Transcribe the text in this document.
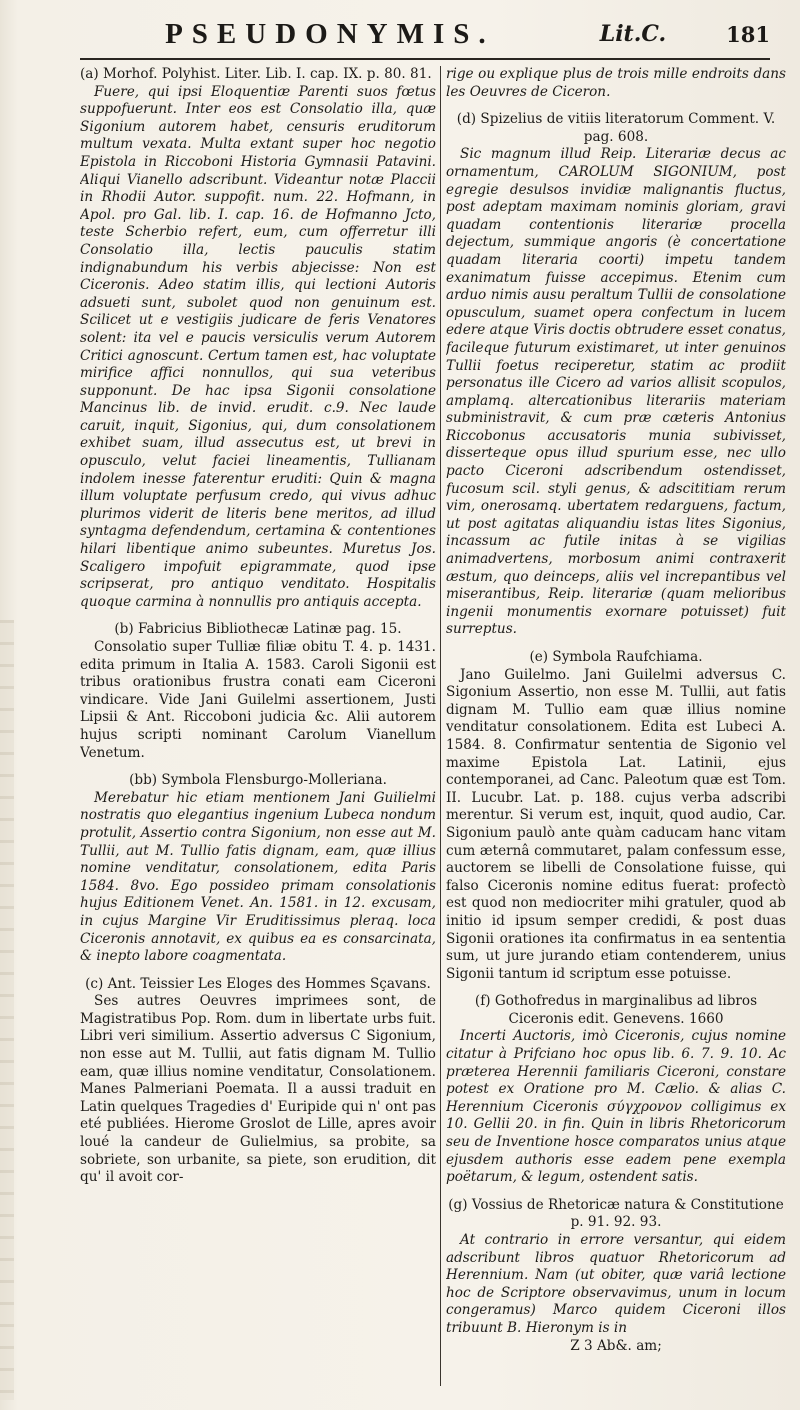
PSEUDONYMIS.	Lit.C.	181

(a) Morhof. Polyhist. Liter. Lib. I. cap. IX. p. 80. 81.

Fuere, qui ipsi Eloquentiæ Parenti suos fœtus suppofuerunt. Inter eos est Consolatio illa, quæ Sigonium autorem habet, censuris eruditorum multum vexata. Multa extant super hoc negotio Epistola in Riccoboni Historia Gymnasii Patavini. Aliqui Vianello adscribunt. Videantur notæ Placcii in Rhodii Autor. suppofit. num. 22. Hofmann, in Apol. pro Gal. lib. I. cap. 16. de Hofmanno Jcto, teste Scherbio refert, eum, cum offerretur illi Consolatio illa, lectis pauculis statim indignabundum his verbis abjecisse: Non est Ciceronis. Adeo statim illis, qui lectioni Autoris adsueti sunt, subolet quod non genuinum est. Scilicet ut e vestigiis judicare de feris Venatores solent: ita vel e paucis versiculis verum Autorem Critici agnoscunt. Certum tamen est, hac voluptate mirifice affici nonnullos, qui sua veteribus supponunt. De hac ipsa Sigonii consolatione Mancinus lib. de invid. erudit. c.9. Nec laude caruit, inquit, Sigonius, qui, dum consolationem exhibet suam, illud assecutus est, ut brevi in opusculo, velut faciei lineamentis, Tullianam indolem inesse faterentur eruditi: Quin & magna illum voluptate perfusum credo, qui vivus adhuc plurimos viderit de literis bene meritos, ad illud syntagma defendendum, certamina & contentiones hilari libentique animo subeuntes. Muretus Jos. Scaligero impofuit epigrammate, quod ipse scripserat, pro antiquo venditato. Hospitalis quoque carmina à nonnullis pro antiquis accepta.

(b) Fabricius Bibliothecæ Latinæ pag. 15.

Consolatio super Tulliæ filiæ obitu T. 4. p. 1431. edita primum in Italia A. 1583. Caroli Sigonii est tribus orationibus frustra conati eam Ciceroni vindicare. Vide Jani Guilelmi assertionem, Justi Lipsii & Ant. Riccoboni judicia &c. Alii autorem hujus scripti nominant Carolum Vianellum Venetum.

(bb) Symbola Flensburgo-Molleriana.

Merebatur hic etiam mentionem Jani Guilielmi nostratis quo elegantius ingenium Lubeca nondum protulit, Assertio contra Sigonium, non esse aut M. Tullii, aut M. Tullio fatis dignam, eam, quæ illius nomine venditatur, consolationem, edita Paris 1584. 8vo. Ego possideo primam consolationis hujus Editionem Venet. An. 1581. in 12. excusam, in cujus Margine Vir Eruditissimus pleraq. loca Ciceronis annotavit, ex quibus ea es consarcinata, & inepto labore coagmentata.

(c) Ant. Teissier Les Eloges des Hommes Sçavans.

Ses autres Oeuvres imprimees sont, de Magistratibus Pop. Rom. dum in libertate urbs fuit. Libri veri similium. Assertio adversus C Sigonium, non esse aut M. Tullii, aut fatis dignam M. Tullio eam, quæ illius nomine venditatur, Consolationem. Manes Palmeriani Poemata. Il a aussi traduit en Latin quelques Tragedies d' Euripide qui n' ont pas eté publiées. Hierome Groslot de Lille, apres avoir loué la candeur de Gulielmius, sa probite, sa sobriete, son urbanite, sa piete, son erudition, dit qu' il avoit cor-

rige ou explique plus de trois mille endroits dans les Oeuvres de Ciceron.

(d) Spizelius de vitiis literatorum Comment. V. pag. 608.

Sic magnum illud Reip. Literariæ decus ac ornamentum, CAROLUM SIGONIUM, post egregie desulsos invidiæ malignantis fluctus, post adeptam maximam nominis gloriam, gravi quadam contentionis literariæ procella dejectum, summique angoris (è concertatione quadam literaria coorti) impetu tandem exanimatum fuisse accepimus. Etenim cum arduo nimis ausu peraltum Tullii de consolatione opusculum, suamet opera confectum in lucem edere atque Viris doctis obtrudere esset conatus, facileque futurum existimaret, ut inter genuinos Tullii foetus reciperetur, statim ac prodiit personatus ille Cicero ad varios allisit scopulos, amplamq. altercationibus literariis materiam subministravit, & cum præ cæteris Antonius Riccobonus accusatoris munia subivisset, disserteque opus illud spurium esse, nec ullo pacto Ciceroni adscribendum ostendisset, fucosum scil. styli genus, & adscititiam rerum vim, onerosamq. ubertatem redarguens, factum, ut post agitatas aliquandiu istas lites Sigonius, incassum ac futile initas à se vigilias animadvertens, morbosum animi contraxerit æstum, quo deinceps, aliis vel increpantibus vel miserantibus, Reip. literariæ (quam melioribus ingenii monumentis exornare potuisset) fuit surreptus.

(e) Symbola Raufchiama.

Jano Guilelmo. Jani Guilelmi adversus C. Sigonium Assertio, non esse M. Tullii, aut fatis dignam M. Tullio eam quæ illius nomine venditatur consolationem. Edita est Lubeci A. 1584. 8. Confirmatur sententia de Sigonio vel maxime Epistola Lat. Latinii, ejus contemporanei, ad Canc. Paleotum quæ est Tom. II. Lucubr. Lat. p. 188. cujus verba adscribi merentur. Si verum est, inquit, quod audio, Car. Sigonium paulò ante quàm caducam hanc vitam cum æternâ commutaret, palam confessum esse, auctorem se libelli de Consolatione fuisse, qui falso Ciceronis nomine editus fuerat: profectò est quod non mediocriter mihi gratuler, quod ab initio id ipsum semper credidi, & post duas Sigonii orationes ita confirmatus in ea sententia sum, ut jure jurando etiam contenderem, unius Sigonii tantum id scriptum esse potuisse.

(f) Gothofredus in marginalibus ad libros Ciceronis edit. Genevens. 1660

Incerti Auctoris, imò Ciceronis, cujus nomine citatur à Prifciano hoc opus lib. 6. 7. 9. 10. Ac præterea Herennii familiaris Ciceroni, constare potest ex Oratione pro M. Cælio. & alias C. Herennium Ciceronis σύγχρονον colligimus ex 10. Gellii 20. in fin. Quin in libris Rhetoricorum seu de Inventione hosce comparatos unius atque ejusdem authoris esse eadem pene exempla poëtarum, & legum, ostendent satis.

(g) Vossius de Rhetoricæ natura & Constitutione p. 91. 92. 93.

At contrario in errore versantur, qui eidem adscribunt libros quatuor Rhetoricorum ad Herennium. Nam (ut obiter, quæ variâ lectione hoc de Scriptore observavimus, unum in locum congeramus) Marco quidem Ciceroni illos tribuunt B. Hieronym is in

Z 3 Ab&. am;
